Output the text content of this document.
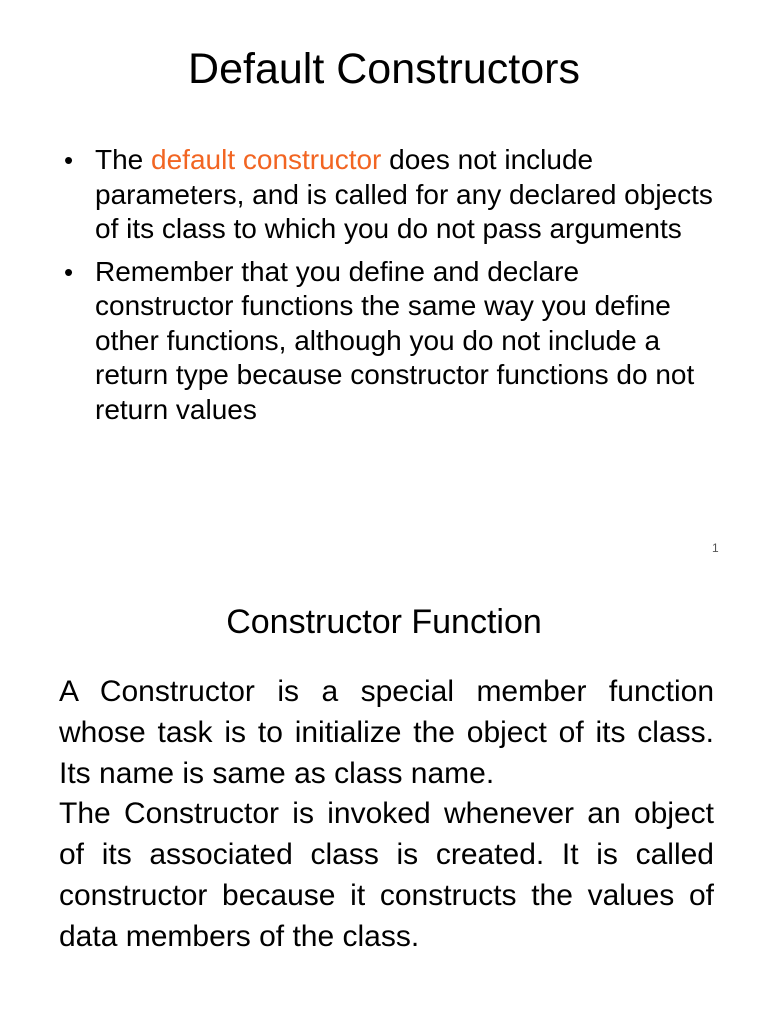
Default Constructors
• The default constructor does not include parameters, and is called for any declared objects of its class to which you do not pass arguments
• Remember that you define and declare constructor functions the same way you define other functions, although you do not include a return type because constructor functions do not return values
1
Constructor Function

A Constructor is a special member function whose task is to initialize the object of its class. Its name is same as class name.

The Constructor is invoked whenever an object of its associated class is created. It is called constructor because it constructs the values of data members of the class.
